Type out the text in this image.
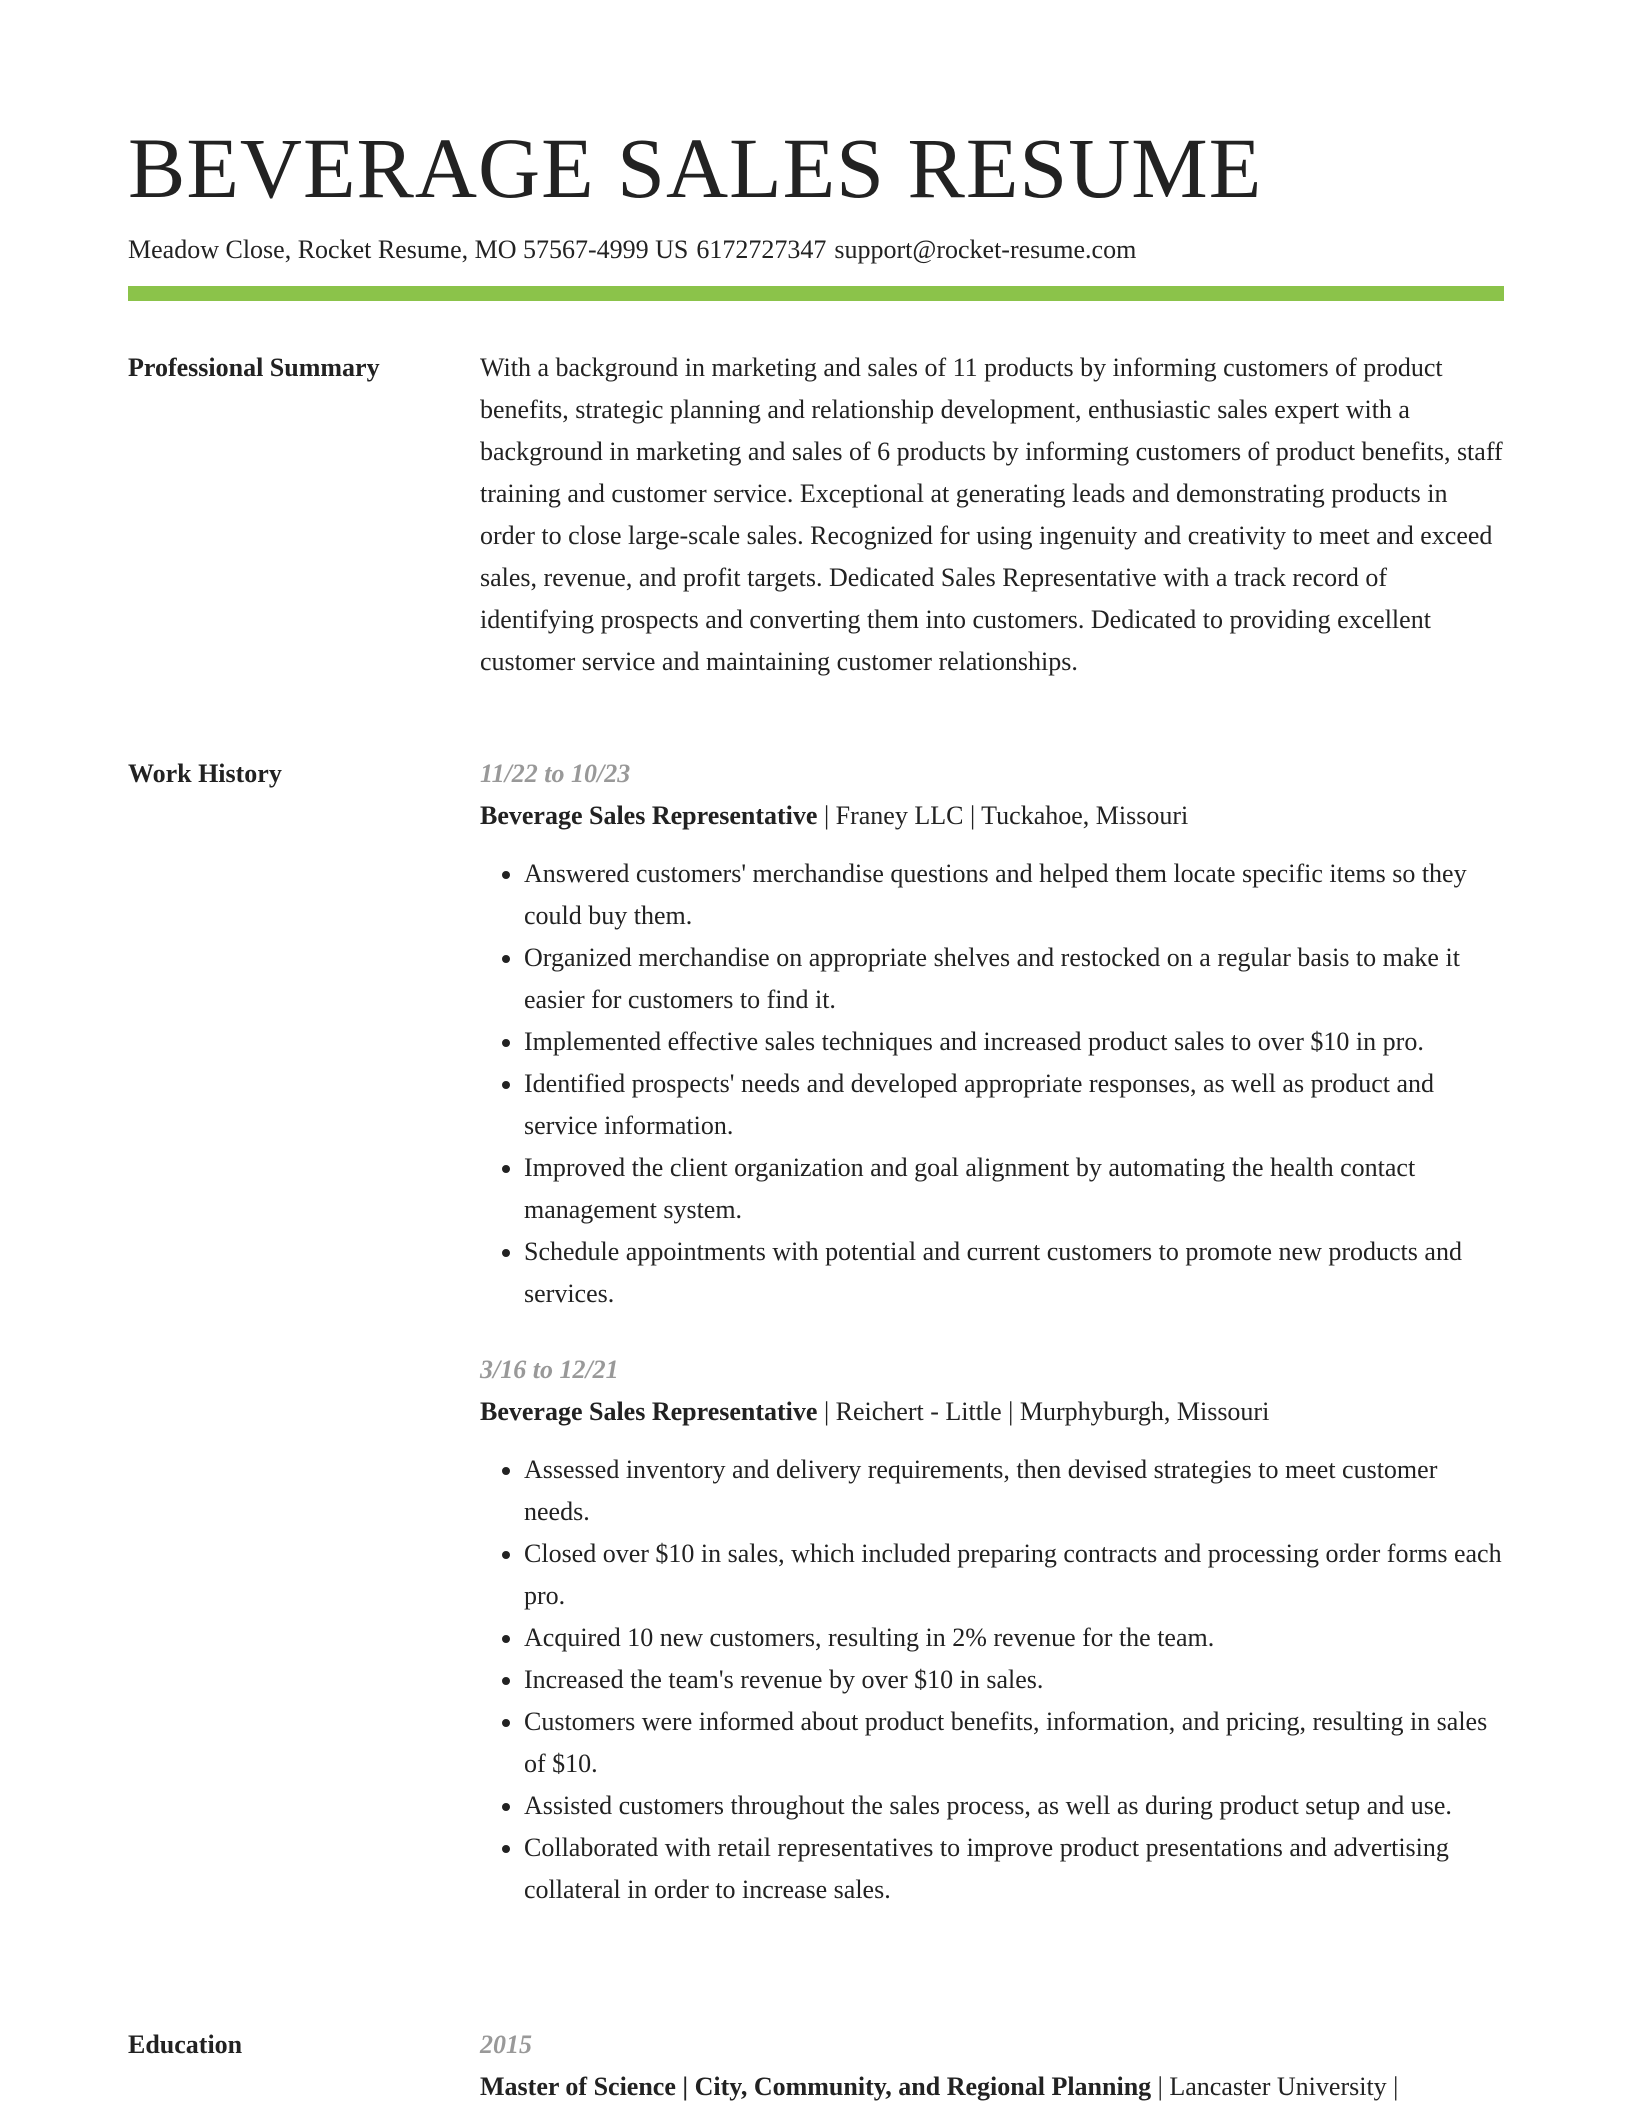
BEVERAGE SALES RESUME
Meadow Close, Rocket Resume, MO 57567-4999 US 6172727347 support@rocket-resume.com
Professional Summary	With a background in marketing and sales of 11 products by informing customers of product benefits, strategic planning and relationship development, enthusiastic sales expert with a background in marketing and sales of 6 products by informing customers of product benefits, staff training and customer service. Exceptional at generating leads and demonstrating products in order to close large-scale sales. Recognized for using ingenuity and creativity to meet and exceed sales, revenue, and profit targets. Dedicated Sales Representative with a track record of identifying prospects and converting them into customers. Dedicated to providing excellent customer service and maintaining customer relationships.

Work History	11/22 to 10/23
Beverage Sales Representative | Franey LLC | Tuckahoe, Missouri
• Answered customers' merchandise questions and helped them locate specific items so they could buy them.
• Organized merchandise on appropriate shelves and restocked on a regular basis to make it easier for customers to find it.
• Implemented effective sales techniques and increased product sales to over $10 in pro.
• Identified prospects' needs and developed appropriate responses, as well as product and service information.
• Improved the client organization and goal alignment by automating the health contact management system.
• Schedule appointments with potential and current customers to promote new products and services.
3/16 to 12/21
Beverage Sales Representative | Reichert - Little | Murphyburgh, Missouri
• Assessed inventory and delivery requirements, then devised strategies to meet customer needs.
• Closed over $10 in sales, which included preparing contracts and processing order forms each pro.
• Acquired 10 new customers, resulting in 2% revenue for the team.
• Increased the team's revenue by over $10 in sales.
• Customers were informed about product benefits, information, and pricing, resulting in sales of $10.
• Assisted customers throughout the sales process, as well as during product setup and use.
• Collaborated with retail representatives to improve product presentations and advertising collateral in order to increase sales.
Education	2015
Master of Science | City, Community, and Regional Planning | Lancaster University |
